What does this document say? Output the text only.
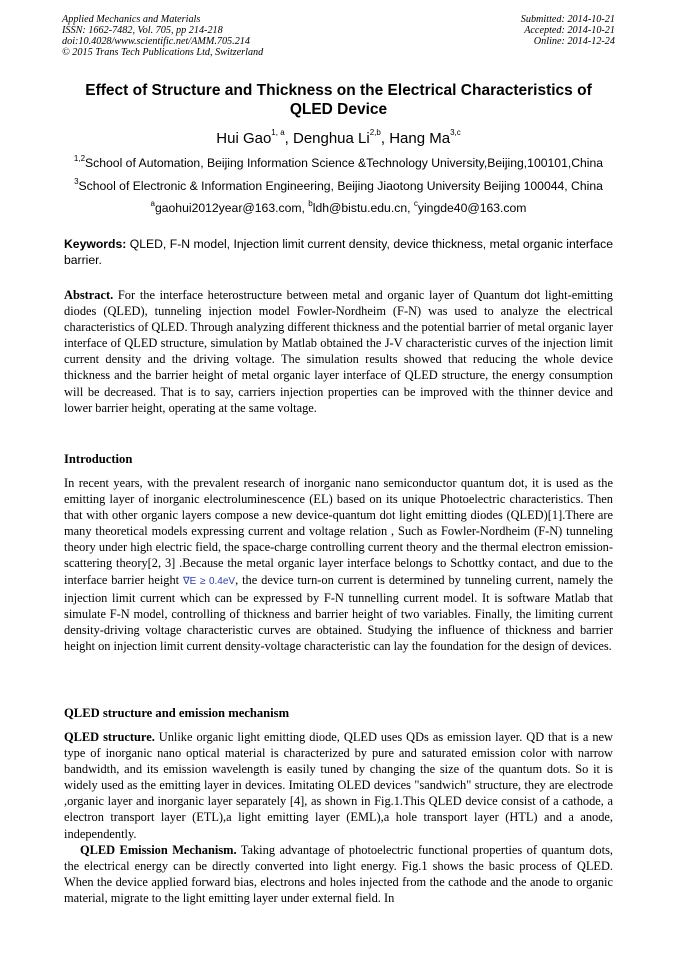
Applied Mechanics and Materials
ISSN: 1662-7482, Vol. 705, pp 214-218
doi:10.4028/www.scientific.net/AMM.705.214
© 2015 Trans Tech Publications Ltd, Switzerland
Submitted: 2014-10-21
Accepted: 2014-10-21
Online: 2014-12-24
Effect of Structure and Thickness on the Electrical Characteristics of QLED Device
Hui Gao$^{1, a}$, Denghua Li$^{2,b}$, Hang Ma$^{3,c}$
$^{1,2}$School of Automation, Beijing Information Science &Technology University,Beijing,100101,China
$^3$School of Electronic & Information Engineering, Beijing Jiaotong University Beijing 100044, China
$^a$gaohui2012year@163.com, $^b$ldh@bistu.edu.cn, $^c$yingde40@163.com
Keywords: QLED, F-N model, Injection limit current density, device thickness, metal organic interface barrier.
Abstract. For the interface heterostructure between metal and organic layer of Quantum dot light-emitting diodes (QLED), tunneling injection model Fowler-Nordheim (F-N) was used to analyze the electrical characteristics of QLED. Through analyzing different thickness and the potential barrier of metal organic layer interface of QLED structure, simulation by Matlab obtained the J-V characteristic curves of the injection limit current density and the driving voltage. The simulation results showed that reducing the whole device thickness and the barrier height of metal organic layer interface of QLED structure, the energy consumption will be decreased. That is to say, carriers injection properties can be improved with the thinner device and lower barrier height, operating at the same voltage.
Introduction
In recent years, with the prevalent research of inorganic nano semiconductor quantum dot, it is used as the emitting layer of inorganic electroluminescence (EL) based on its unique Photoelectric characteristics. Then that with other organic layers compose a new device-quantum dot light emitting diodes (QLED)[1].There are many theoretical models expressing current and voltage relation , Such as Fowler-Nordheim (F-N) tunneling theory under high electric field, the space-charge controlling current theory and the thermal electron emission-scattering theory[2, 3] .Because the metal organic layer interface belongs to Schottky contact, and due to the interface barrier height ∇E ≥ 0.4eV, the device turn-on current is determined by tunneling current, namely the injection limit current which can be expressed by F-N tunnelling current model. It is software Matlab that simulate F-N model, controlling of thickness and barrier height of two variables. Finally, the limiting current density-driving voltage characteristic curves are obtained. Studying the influence of thickness and barrier height on injection limit current density-voltage characteristic can lay the foundation for the design of devices.
QLED structure and emission mechanism
QLED structure. Unlike organic light emitting diode, QLED uses QDs as emission layer. QD that is a new type of inorganic nano optical material is characterized by pure and saturated emission color with narrow bandwidth, and its emission wavelength is easily tuned by changing the size of the quantum dots. So it is widely used as the emitting layer in devices. Imitating OLED devices "sandwich" structure, they are electrode ,organic layer and inorganic layer separately [4], as shown in Fig.1.This QLED device consist of a cathode, a electron transport layer (ETL),a light emitting layer (EML),a hole transport layer (HTL) and a anode, independently.
QLED Emission Mechanism. Taking advantage of photoelectric functional properties of quantum dots, the electrical energy can be directly converted into light energy. Fig.1 shows the basic process of QLED. When the device applied forward bias, electrons and holes injected from the cathode and the anode to organic material, migrate to the light emitting layer under external field. In
